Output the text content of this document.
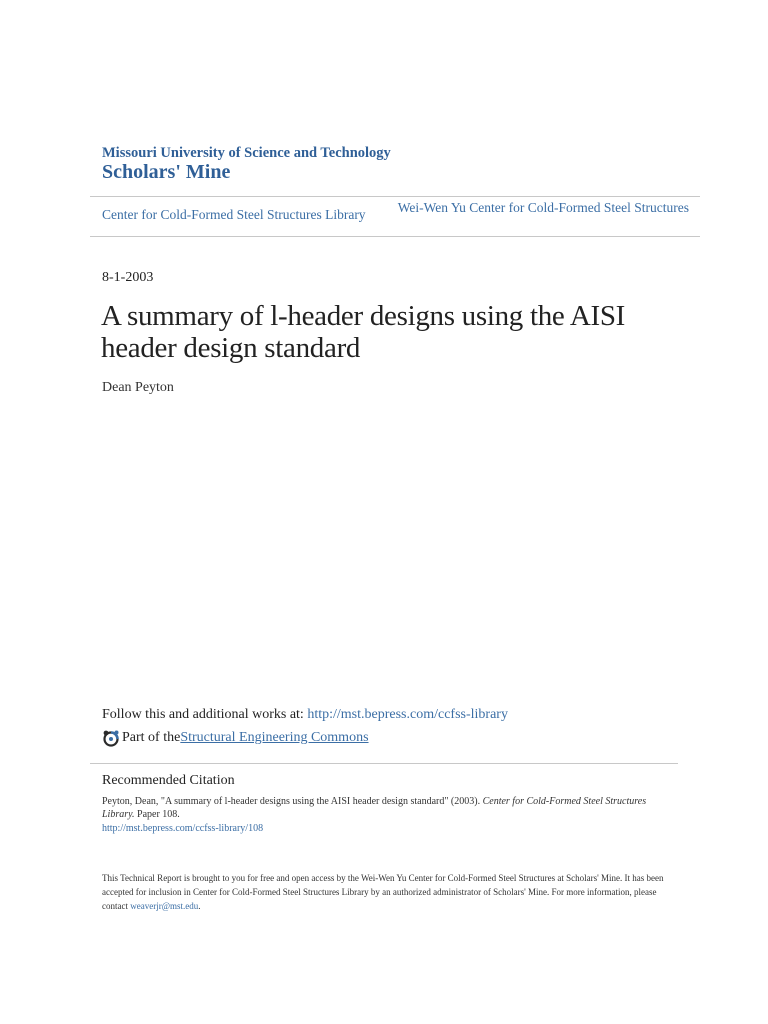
Missouri University of Science and Technology
Scholars' Mine
Center for Cold-Formed Steel Structures Library	Wei-Wen Yu Center for Cold-Formed Steel Structures
8-1-2003
A summary of l-header designs using the AISI header design standard
Dean Peyton
Follow this and additional works at: http://mst.bepress.com/ccfss-library
Part of the Structural Engineering Commons
Recommended Citation
Peyton, Dean, "A summary of l-header designs using the AISI header design standard" (2003). Center for Cold-Formed Steel Structures Library. Paper 108.
http://mst.bepress.com/ccfss-library/108
This Technical Report is brought to you for free and open access by the Wei-Wen Yu Center for Cold-Formed Steel Structures at Scholars' Mine. It has been accepted for inclusion in Center for Cold-Formed Steel Structures Library by an authorized administrator of Scholars' Mine. For more information, please contact weaverjr@mst.edu.
